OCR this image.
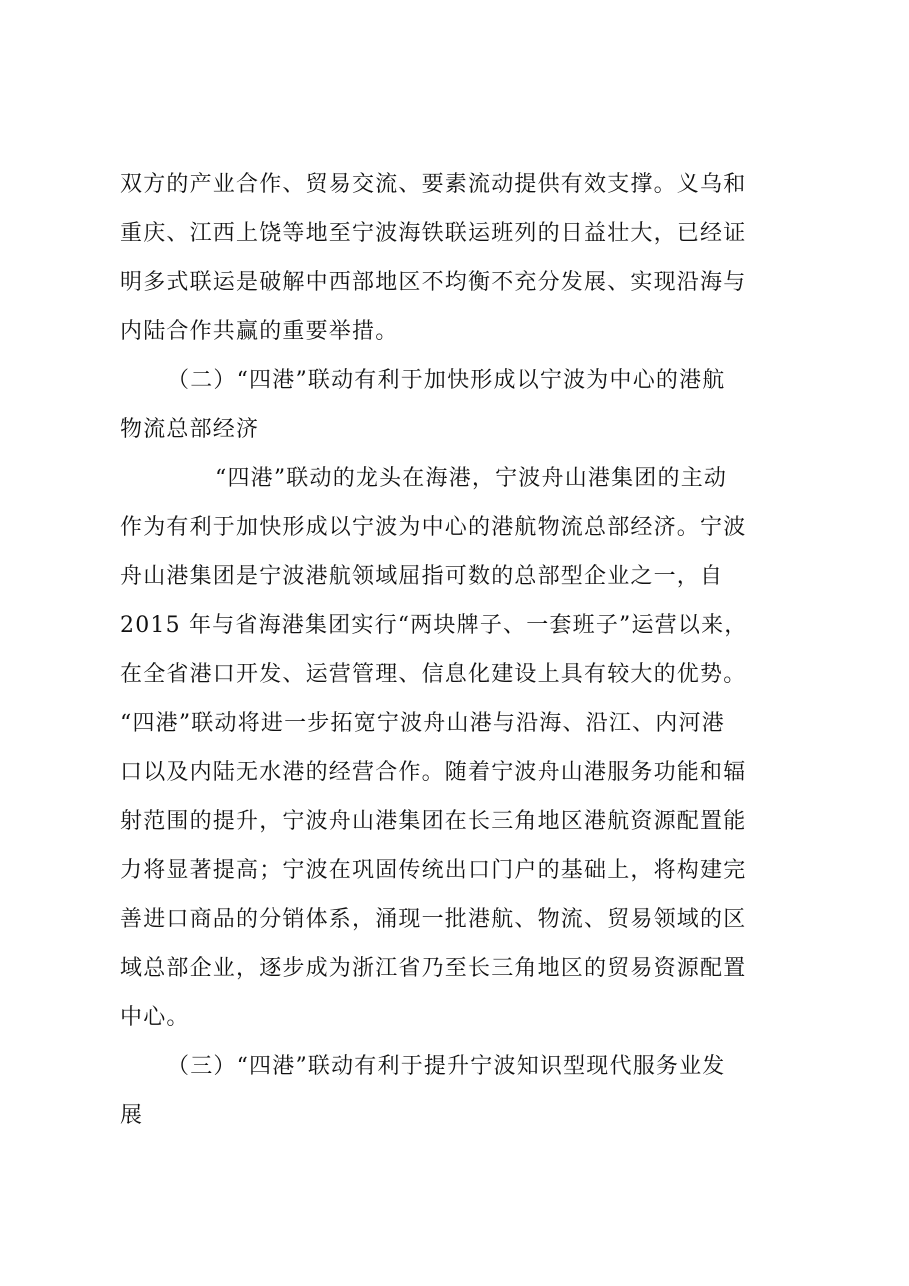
双方的产业合作、贸易交流、要素流动提供有效支撑。义乌和
重庆、江西上饶等地至宁波海铁联运班列的日益壮大，已经证
明多式联运是破解中西部地区不均衡不充分发展、实现沿海与
内陆合作共赢的重要举措。
（二）“四港”联动有利于加快形成以宁波为中心的港航
物流总部经济
“四港”联动的龙头在海港，宁波舟山港集团的主动
作为有利于加快形成以宁波为中心的港航物流总部经济。宁波
舟山港集团是宁波港航领域屈指可数的总部型企业之一，自
2015 年与省海港集团实行“两块牌子、一套班子”运营以来，
在全省港口开发、运营管理、信息化建设上具有较大的优势。
“四港”联动将进一步拓宽宁波舟山港与沿海、沿江、内河港
口以及内陆无水港的经营合作。随着宁波舟山港服务功能和辐
射范围的提升，宁波舟山港集团在长三角地区港航资源配置能
力将显著提高；宁波在巩固传统出口门户的基础上，将构建完
善进口商品的分销体系，涌现一批港航、物流、贸易领域的区
域总部企业，逐步成为浙江省乃至长三角地区的贸易资源配置
中心。
（三）“四港”联动有利于提升宁波知识型现代服务业发
展
